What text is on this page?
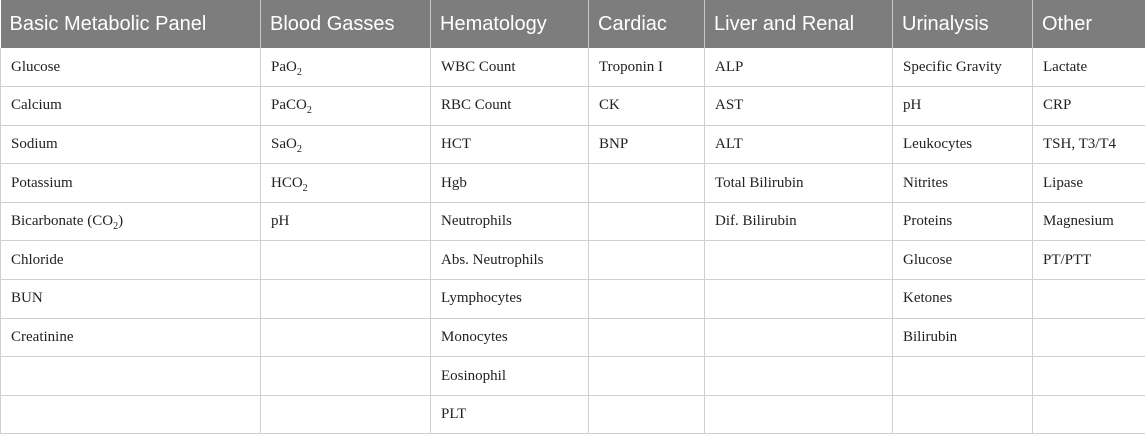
Basic Metabolic Panel	Blood Gasses	Hematology	Cardiac	Liver and Renal	Urinalysis	Other
Glucose	PaO$_2$	WBC Count	Troponin I	ALP	Specific Gravity	Lactate
Calcium	PaCO$_2$	RBC Count	CK	AST	pH	CRP
Sodium	SaO$_2$	HCT	BNP	ALT	Leukocytes	TSH, T3/T4
Potassium	$HCO_2$	Hgb		Total Bilirubin	Nitrites	Lipase
Bicarbonate $(CO_2)$	pH	Neutrophils		Dif. Bilirubin	Proteins	Magnesium
Chloride		Abs. Neutrophils			Glucose	PT/PTT
BUN		Lymphocytes			Ketones	
Creatinine		Monocytes			Bilirubin	
		Eosinophil				
		PLT				
